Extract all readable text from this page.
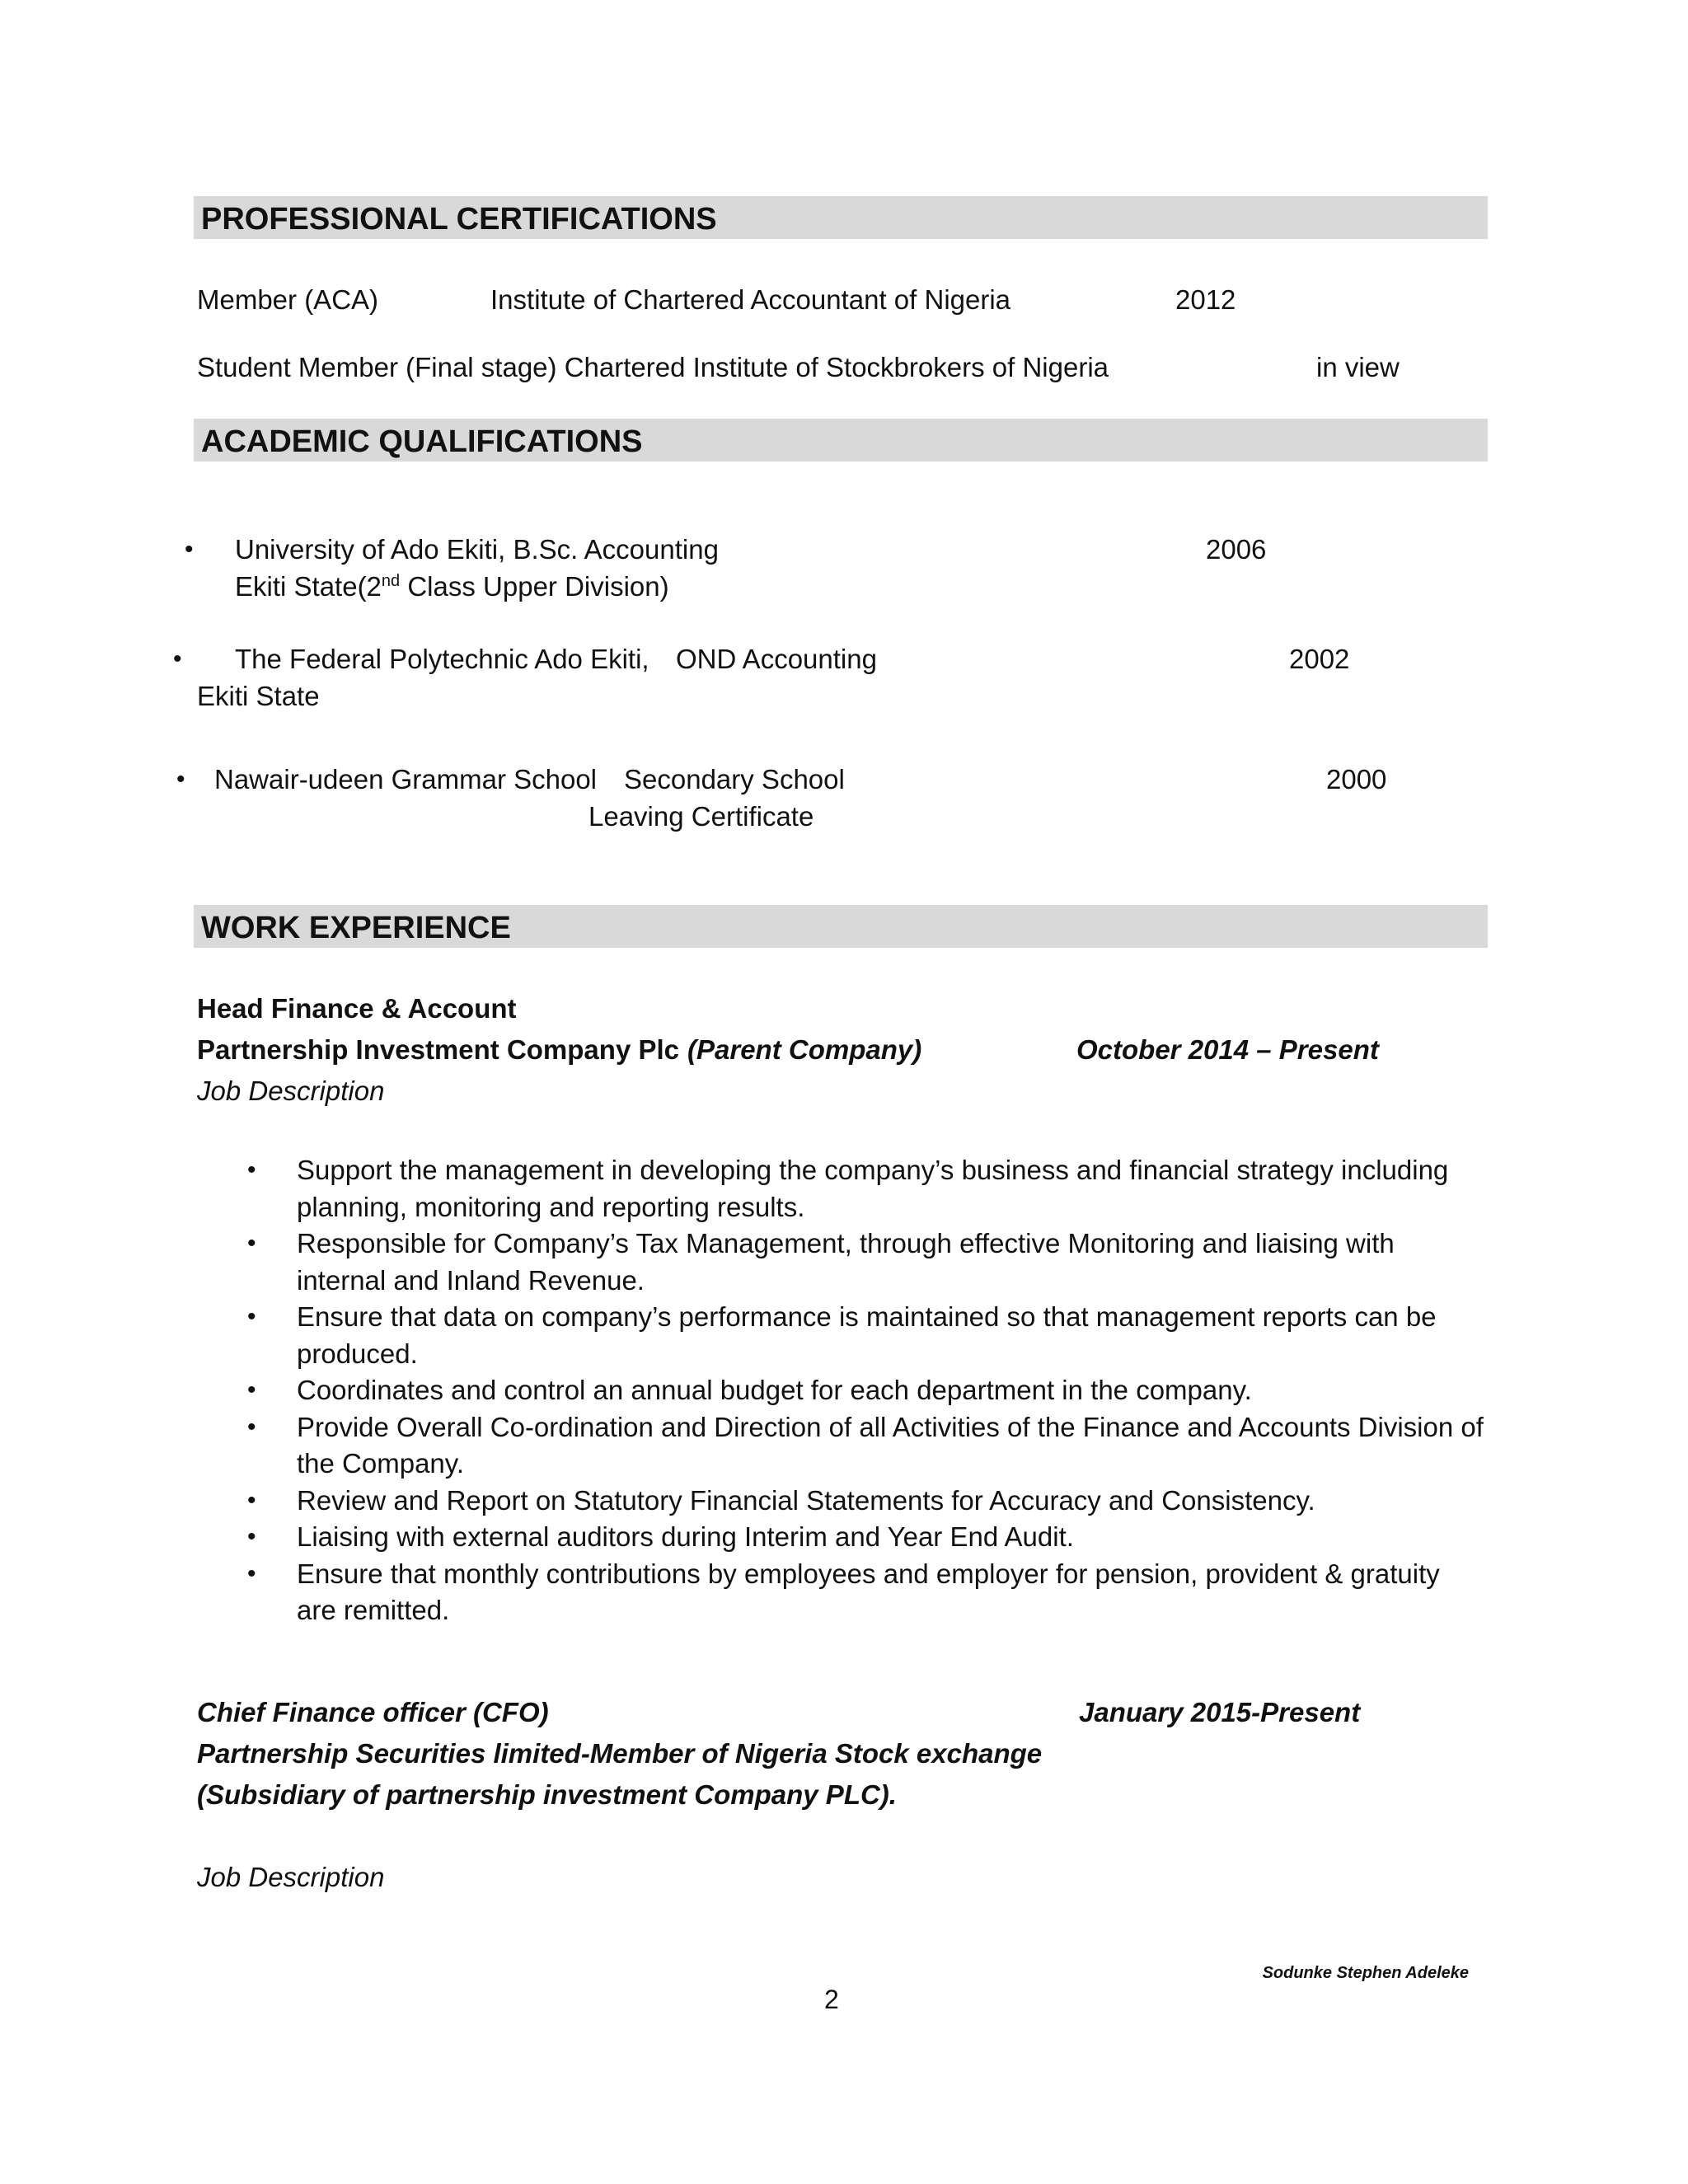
PROFESSIONAL CERTIFICATIONS
Member (ACA)	Institute of Chartered Accountant of Nigeria	2012
Student Member (Final stage) Chartered Institute of Stockbrokers of Nigeria	in view
ACADEMIC QUALIFICATIONS
• University of Ado Ekiti, B.Sc. Accounting	2006
Ekiti State(2nd Class Upper Division)
• The Federal Polytechnic Ado Ekiti, OND Accounting	2002
Ekiti State
• Nawair-udeen Grammar School Secondary School	2000
Leaving Certificate
WORK EXPERIENCE
Head Finance & Account
Partnership Investment Company Plc (Parent Company)	October 2014 – Present
Job Description
• Support the management in developing the company’s business and financial strategy including planning, monitoring and reporting results.
• Responsible for Company’s Tax Management, through effective Monitoring and liaising with internal and Inland Revenue.
• Ensure that data on company’s performance is maintained so that management reports can be produced.
• Coordinates and control an annual budget for each department in the company.
• Provide Overall Co-ordination and Direction of all Activities of the Finance and Accounts Division of the Company.
• Review and Report on Statutory Financial Statements for Accuracy and Consistency.
• Liaising with external auditors during Interim and Year End Audit.
• Ensure that monthly contributions by employees and employer for pension, provident & gratuity are remitted.
Chief Finance officer (CFO)	January 2015-Present
Partnership Securities limited-Member of Nigeria Stock exchange
(Subsidiary of partnership investment Company PLC).
Job Description
Sodunke Stephen Adeleke
2
